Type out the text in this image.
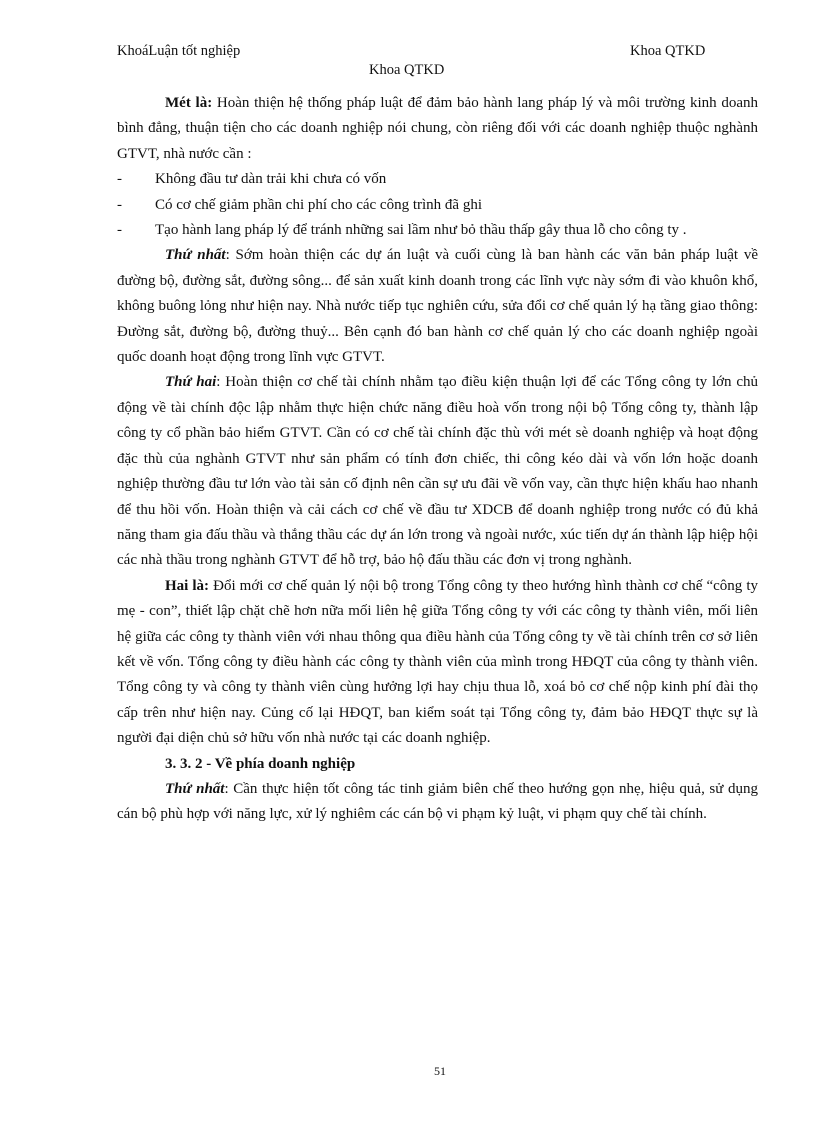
KhoáLuận tốt nghiệp	Khoa QTKD
Khoa QTKD

Mét là: Hoàn thiện hệ thống pháp luật để đảm bảo hành lang pháp lý và môi trường kinh doanh bình đẳng, thuận tiện cho các doanh nghiệp nói chung, còn riêng đối với các doanh nghiệp thuộc nghành GTVT, nhà nước cần :

- Không đầu tư dàn trải khi chưa có vốn
- Có cơ chế giảm phần chi phí cho các công trình đã ghi
- Tạo hành lang pháp lý để tránh những sai lầm như bỏ thầu thấp gây thua lỗ cho công ty .

Thứ nhất: Sớm hoàn thiện các dự án luật và cuối cùng là ban hành các văn bản pháp luật về đường bộ, đường sắt, đường sông... để sản xuất kinh doanh trong các lĩnh vực này sớm đi vào khuôn khổ, không buông lỏng như hiện nay. Nhà nước tiếp tục nghiên cứu, sửa đổi cơ chế quản lý hạ tầng giao thông: Đường sắt, đường bộ, đường thuỷ... Bên cạnh đó ban hành cơ chế quản lý cho các doanh nghiệp ngoài quốc doanh hoạt động trong lĩnh vực GTVT.

Thứ hai: Hoàn thiện cơ chế tài chính nhằm tạo điều kiện thuận lợi để các Tổng công ty lớn chủ động về tài chính độc lập nhằm thực hiện chức năng điều hoà vốn trong nội bộ Tổng công ty, thành lập công ty cổ phần bảo hiểm GTVT. Cần có cơ chế tài chính đặc thù với mét sè doanh nghiệp và hoạt động đặc thù của nghành GTVT như sản phẩm có tính đơn chiếc, thi công kéo dài và vốn lớn hoặc doanh nghiệp thường đầu tư lớn vào tài sản cố định nên cần sự ưu đãi về vốn vay, cần thực hiện khấu hao nhanh để thu hồi vốn. Hoàn thiện và cải cách cơ chế về đầu tư XDCB để doanh nghiệp trong nước có đủ khả năng tham gia đấu thầu và thắng thầu các dự án lớn trong và ngoài nước, xúc tiến dự án thành lập hiệp hội các nhà thầu trong nghành GTVT để hỗ trợ, bảo hộ đấu thầu các đơn vị trong nghành.

Hai là: Đổi mới cơ chế quản lý nội bộ trong Tổng công ty theo hướng hình thành cơ chế “công ty mẹ - con”, thiết lập chặt chẽ hơn nữa mối liên hệ giữa Tổng công ty với các công ty thành viên, mối liên hệ giữa các công ty thành viên với nhau thông qua điều hành của Tổng công ty về tài chính trên cơ sở liên kết về vốn. Tổng công ty điều hành các công ty thành viên của mình trong HĐQT của công ty thành viên. Tổng công ty và công ty thành viên cùng hưởng lợi hay chịu thua lỗ, xoá bỏ cơ chế nộp kinh phí đài thọ cấp trên như hiện nay. Củng cố lại HĐQT, ban kiểm soát tại Tổng công ty, đảm bảo HĐQT thực sự là người đại diện chủ sở hữu vốn nhà nước tại các doanh nghiệp.

3. 3. 2 - Về phía doanh nghiệp

Thứ nhất: Cần thực hiện tốt công tác tinh giảm biên chế theo hướng gọn nhẹ, hiệu quả, sử dụng cán bộ phù hợp với năng lực, xử lý nghiêm các cán bộ vi phạm kỷ luật, vi phạm quy chế tài chính.

51
